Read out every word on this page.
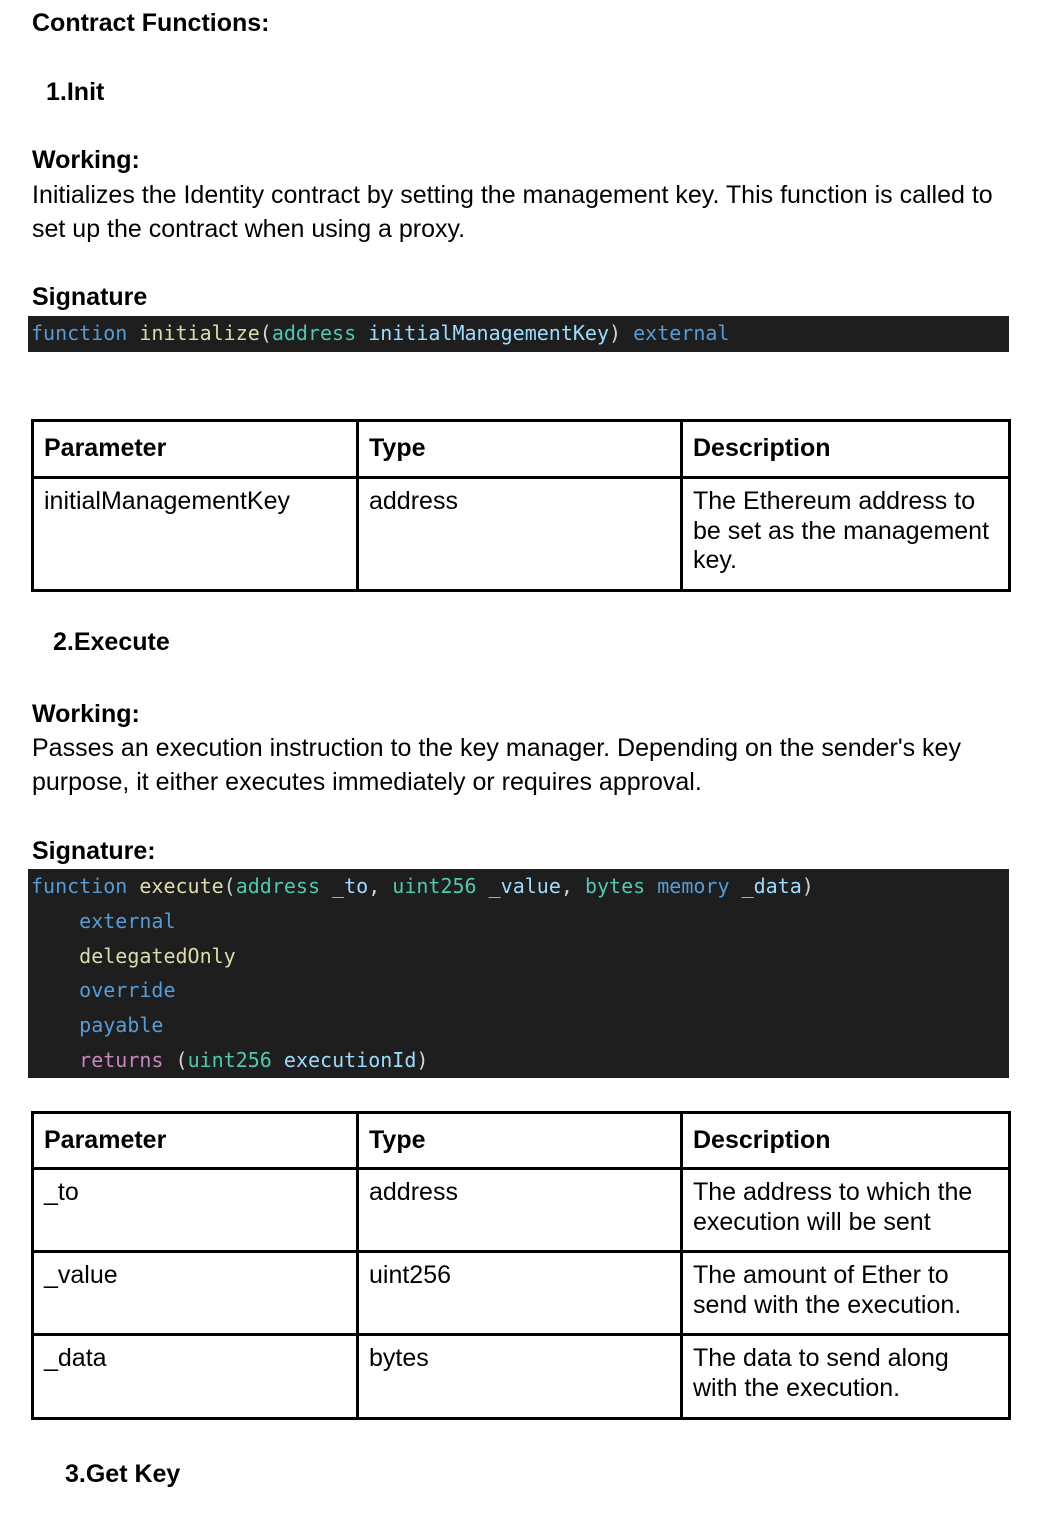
Contract Functions:
1.Init
Working:
Initializes the Identity contract by setting the management key. This function is called to set up the contract when using a proxy.
Signature
function initialize(address initialManagementKey) external
Parameter	Type	Description
initialManagementKey	address	The Ethereum address to be set as the management key.
2.Execute
Working:
Passes an execution instruction to the key manager. Depending on the sender's key purpose, it either executes immediately or requires approval.
Signature:
function execute(address _to, uint256 _value, bytes memory _data)
external
delegatedOnly
override
payable
returns (uint256 executionId)
Parameter	Type	Description
_to	address	The address to which the execution will be sent
_value	uint256	The amount of Ether to send with the execution.
_data	bytes	The data to send along with the execution.
3.Get Key
